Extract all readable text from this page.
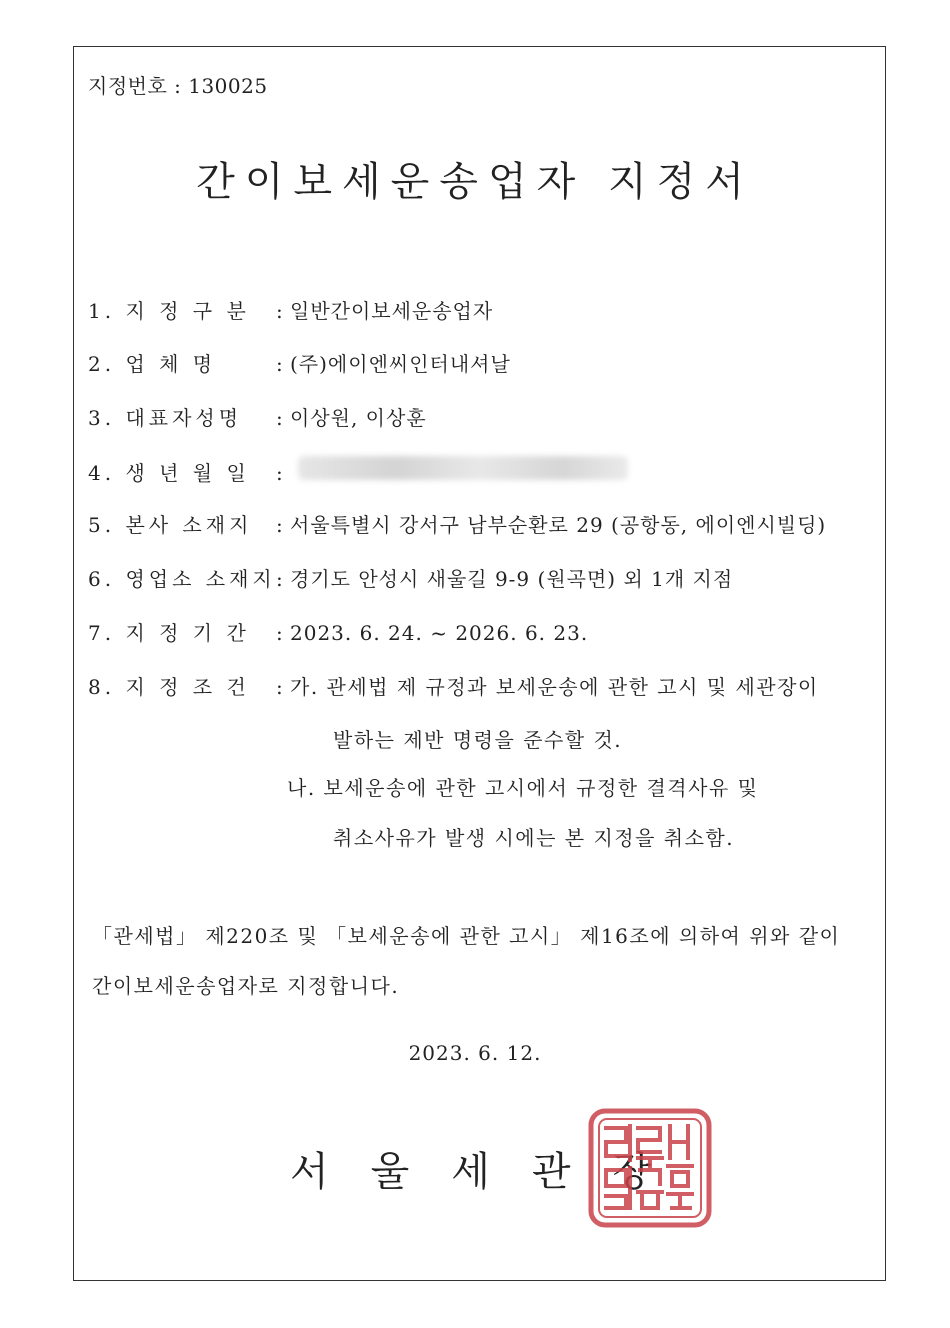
지정번호 : 130025
간이보세운송업자 지정서
1. 지 정 구 분	: 일반간이보세운송업자
2. 업 체 명	: (주)에이엔씨인터내셔날
3. 대표자성명	: 이상원, 이상훈
4. 생 년 월 일	:
5. 본사 소재지	: 서울특별시 강서구 남부순환로 29 (공항동, 에이엔시빌딩)
6. 영업소 소재지 : 경기도 안성시 새울길 9-9 (원곡면) 외 1개 지점
7. 지 정 기 간	: 2023. 6. 24. ~ 2026. 6. 23.
8. 지 정 조 건	: 가. 관세법 제 규정과 보세운송에 관한 고시 및 세관장이
발하는 제반 명령을 준수할 것.
나. 보세운송에 관한 고시에서 규정한 결격사유 및
취소사유가 발생 시에는 본 지정을 취소함.
「관세법」 제220조 및 「보세운송에 관한 고시」 제16조에 의하여 위와 같이
간이보세운송업자로 지정합니다.
2023. 6. 12.
서울세관장
